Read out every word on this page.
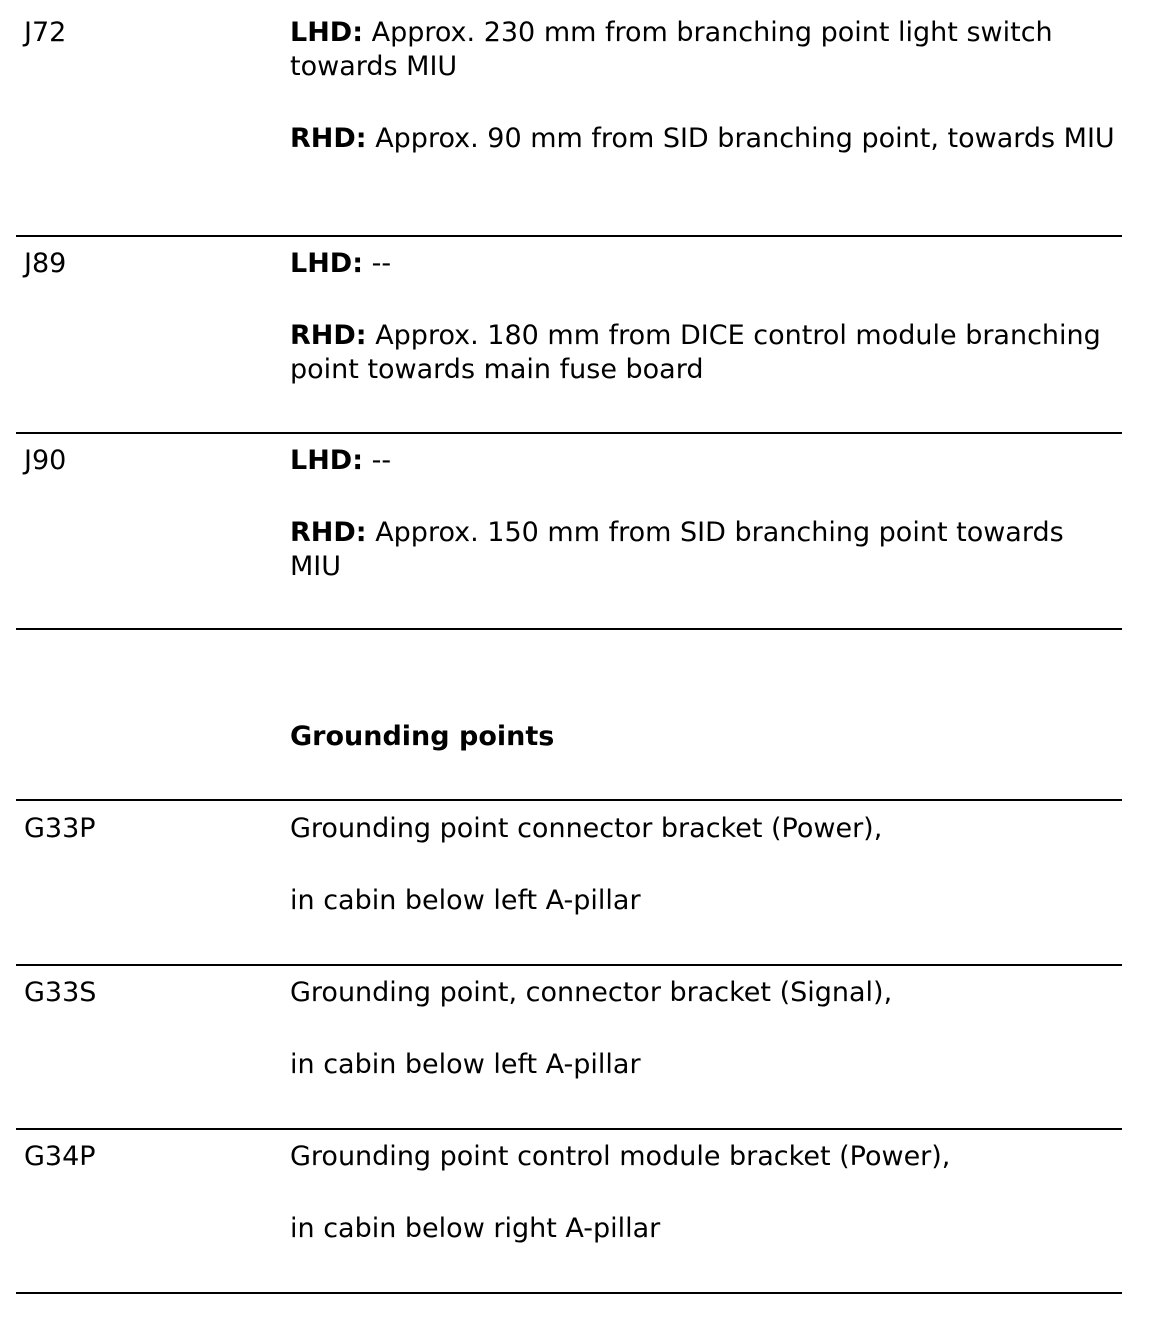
J72	LHD: Approx. 230 mm from branching point light switch towards MIU

RHD: Approx. 90 mm from SID branching point, towards MIU

J89	LHD: --

RHD: Approx. 180 mm from DICE control module branching point towards main fuse board

J90	LHD: --

RHD: Approx. 150 mm from SID branching point towards MIU

Grounding points
G33P	Grounding point connector bracket (Power),

in cabin below left A-pillar

G33S	Grounding point, connector bracket (Signal),

in cabin below left A-pillar

G34P	Grounding point control module bracket (Power),

in cabin below right A-pillar
